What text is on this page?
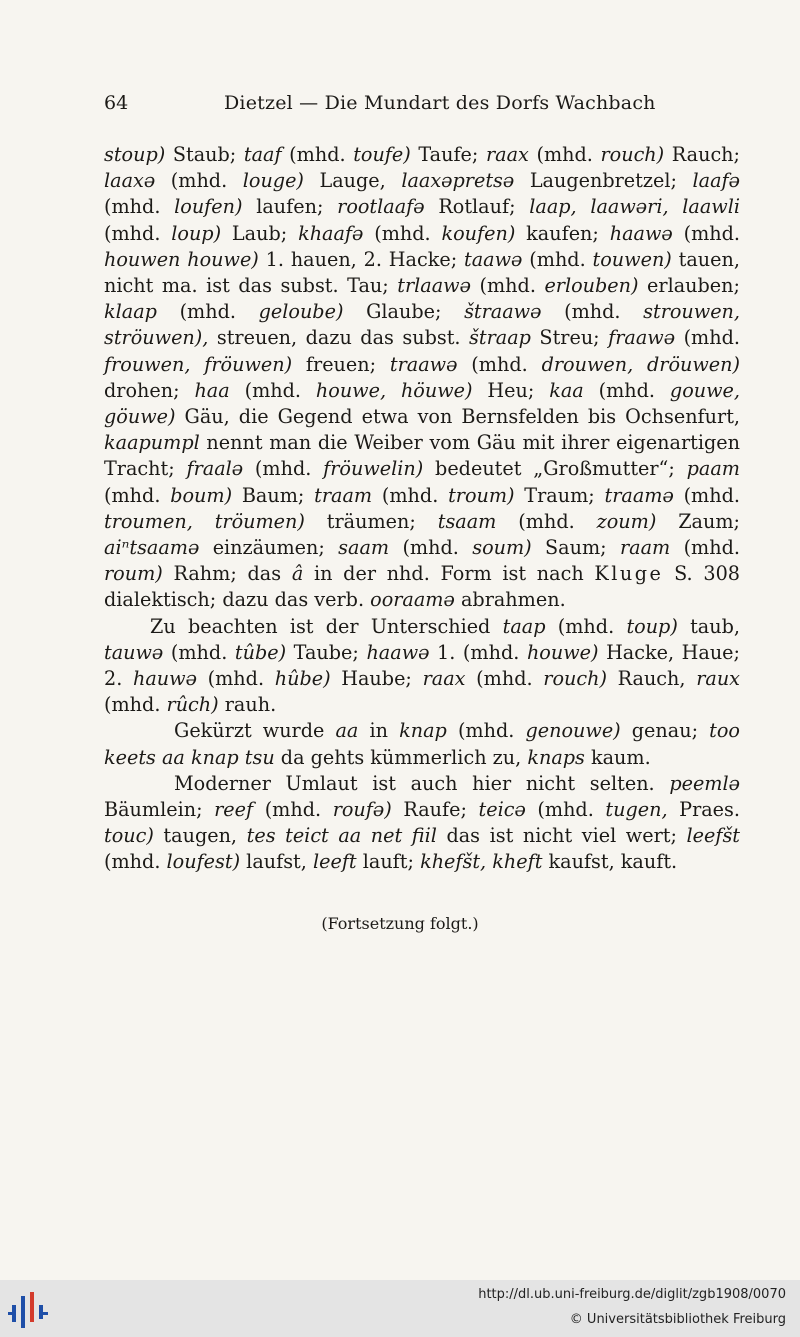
64	Dietzel — Die Mundart des Dorfs Wachbach

stoup) Staub; taaf (mhd. toufe) Taufe; raax (mhd. rouch) Rauch; laaxə (mhd. louge) Lauge, laaxəpretsə Laugenbretzel; laafə (mhd. loufen) laufen; rootlaafə Rotlauf; laap, laawəri, laawli (mhd. loup) Laub; khaafə (mhd. koufen) kaufen; haawə (mhd. houwen houwe) 1. hauen, 2. Hacke; taawə (mhd. touwen) tauen, nicht ma. ist das subst. Tau; trlaawə (mhd. erlouben) erlauben; klaap (mhd. geloube) Glaube; štraawə (mhd. strouwen, ströuwen), streuen, dazu das subst. štraap Streu; fraawə (mhd. frouwen, fröuwen) freuen; traawə (mhd. drouwen, dröuwen) drohen; haa (mhd. houwe, höuwe) Heu; kaa (mhd. gouwe, göuwe) Gäu, die Gegend etwa von Bernsfelden bis Ochsenfurt, kaapumpl nennt man die Weiber vom Gäu mit ihrer eigenartigen Tracht; fraalə (mhd. fröuwelin) bedeutet „Großmutter“; paam (mhd. boum) Baum; traam (mhd. troum) Traum; traamə (mhd. troumen, tröumen) träumen; tsaam (mhd. zoum) Zaum; aiⁿtsaamə einzäumen; saam (mhd. soum) Saum; raam (mhd. roum) Rahm; das â in der nhd. Form ist nach Kluge S. 308 dialektisch; dazu das verb. ooraamə abrahmen.

Zu beachten ist der Unterschied taap (mhd. toup) taub, tauwə (mhd. tûbe) Taube; haawə 1. (mhd. houwe) Hacke, Haue; 2. hauwə (mhd. hûbe) Haube; raax (mhd. rouch) Rauch, raux (mhd. rûch) rauh.

Gekürzt wurde aa in knap (mhd. genouwe) genau; too keets aa knap tsu da gehts kümmerlich zu, knaps kaum.

Moderner Umlaut ist auch hier nicht selten. peemlə Bäumlein; reef (mhd. roufə) Raufe; teicə (mhd. tugen, Praes. touc) taugen, tes teict aa net fiil das ist nicht viel wert; leefšt (mhd. loufest) laufst, leeft lauft; khefšt, kheft kaufst, kauft.

(Fortsetzung folgt.)
http://dl.ub.uni-freiburg.de/diglit/zgb1908/0070
© Universitätsbibliothek Freiburg
